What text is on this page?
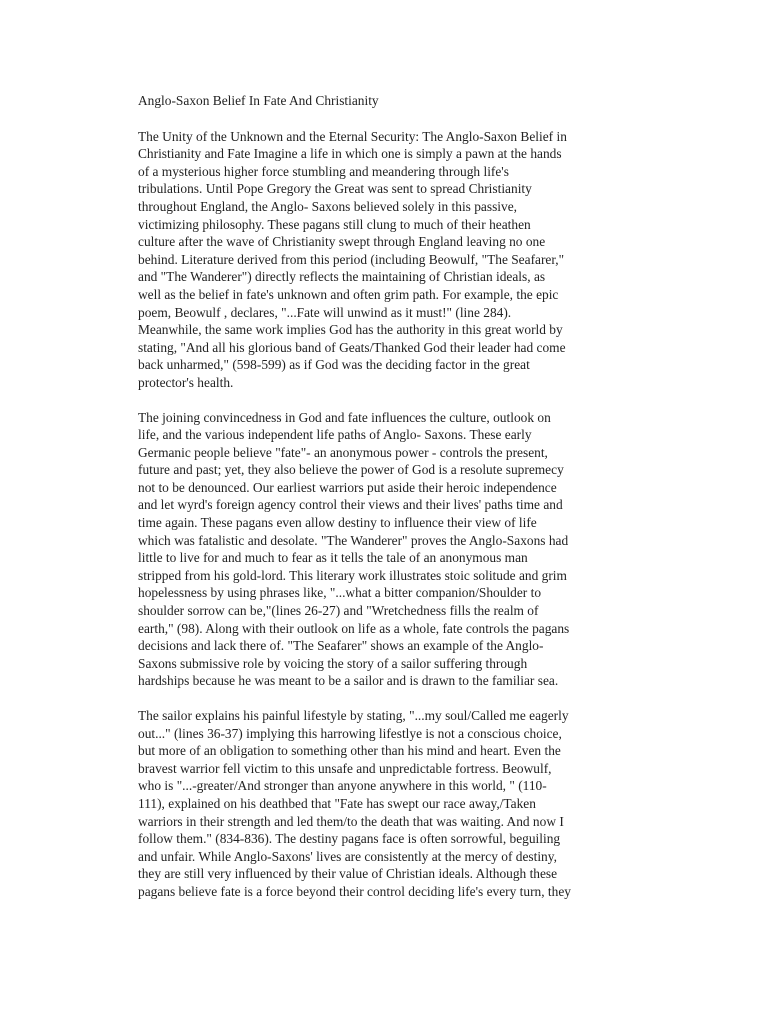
Anglo-Saxon Belief In Fate And Christianity

The Unity of the Unknown and the Eternal Security: The Anglo-Saxon Belief in
Christianity and Fate Imagine a life in which one is simply a pawn at the hands
of a mysterious higher force stumbling and meandering through life's
tribulations. Until Pope Gregory the Great was sent to spread Christianity
throughout England, the Anglo- Saxons believed solely in this passive,
victimizing philosophy. These pagans still clung to much of their heathen
culture after the wave of Christianity swept through England leaving no one
behind. Literature derived from this period (including Beowulf, "The Seafarer,"
and "The Wanderer") directly reflects the maintaining of Christian ideals, as
well as the belief in fate's unknown and often grim path. For example, the epic
poem, Beowulf , declares, "...Fate will unwind as it must!" (line 284).
Meanwhile, the same work implies God has the authority in this great world by
stating, "And all his glorious band of Geats/Thanked God their leader had come
back unharmed," (598-599) as if God was the deciding factor in the great
protector's health.

The joining convincedness in God and fate influences the culture, outlook on
life, and the various independent life paths of Anglo- Saxons. These early
Germanic people believe "fate"- an anonymous power - controls the present,
future and past; yet, they also believe the power of God is a resolute supremecy
not to be denounced. Our earliest warriors put aside their heroic independence
and let wyrd's foreign agency control their views and their lives' paths time and
time again. These pagans even allow destiny to influence their view of life
which was fatalistic and desolate. "The Wanderer" proves the Anglo-Saxons had
little to live for and much to fear as it tells the tale of an anonymous man
stripped from his gold-lord. This literary work illustrates stoic solitude and grim
hopelessness by using phrases like, "...what a bitter companion/Shoulder to
shoulder sorrow can be,"(lines 26-27) and "Wretchedness fills the realm of
earth," (98). Along with their outlook on life as a whole, fate controls the pagans
decisions and lack there of. "The Seafarer" shows an example of the Anglo-
Saxons submissive role by voicing the story of a sailor suffering through
hardships because he was meant to be a sailor and is drawn to the familiar sea.

The sailor explains his painful lifestyle by stating, "...my soul/Called me eagerly
out..." (lines 36-37) implying this harrowing lifestlye is not a conscious choice,
but more of an obligation to something other than his mind and heart. Even the
bravest warrior fell victim to this unsafe and unpredictable fortress. Beowulf,
who is "...-greater/And stronger than anyone anywhere in this world, " (110-
111), explained on his deathbed that "Fate has swept our race away,/Taken
warriors in their strength and led them/to the death that was waiting. And now I
follow them." (834-836). The destiny pagans face is often sorrowful, beguiling
and unfair. While Anglo-Saxons' lives are consistently at the mercy of destiny,
they are still very influenced by their value of Christian ideals. Although these
pagans believe fate is a force beyond their control deciding life's every turn, they
